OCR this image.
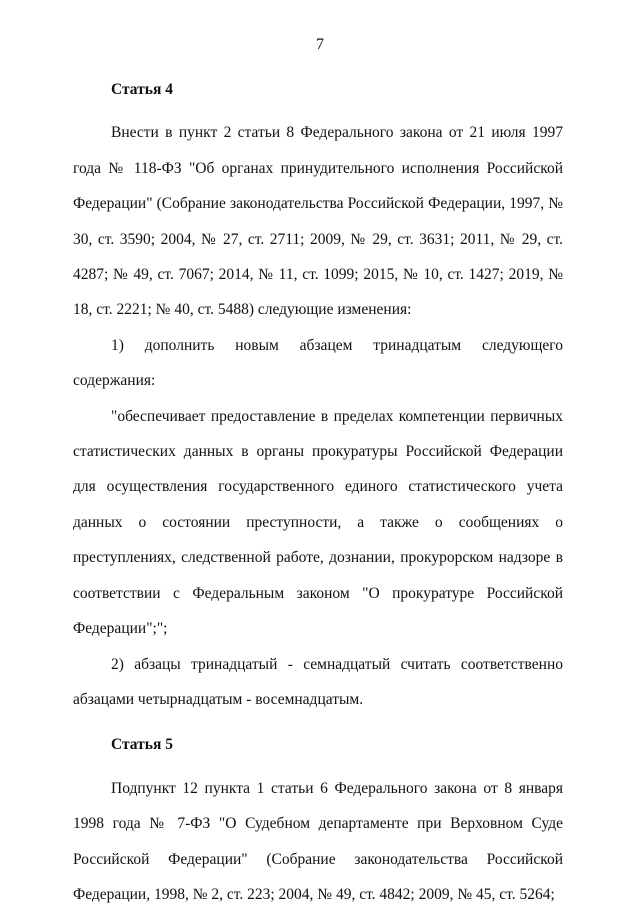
7

Статья 4

Внести в пункт 2 статьи 8 Федерального закона от 21 июля 1997 года № 118-ФЗ "Об органах принудительного исполнения Российской Федерации" (Собрание законодательства Российской Федерации, 1997, № 30, ст. 3590; 2004, № 27, ст. 2711; 2009, № 29, ст. 3631; 2011, № 29, ст. 4287; № 49, ст. 7067; 2014, № 11, ст. 1099; 2015, № 10, ст. 1427; 2019, № 18, ст. 2221; № 40, ст. 5488) следующие изменения:

1) дополнить новым абзацем тринадцатым следующего содержания:

"обеспечивает предоставление в пределах компетенции первичных статистических данных в органы прокуратуры Российской Федерации для осуществления государственного единого статистического учета данных о состоянии преступности, а также о сообщениях о преступлениях, следственной работе, дознании, прокурорском надзоре в соответствии с Федеральным законом "О прокуратуре Российской Федерации";";

2) абзацы тринадцатый - семнадцатый считать соответственно абзацами четырнадцатым - восемнадцатым.

Статья 5

Подпункт 12 пункта 1 статьи 6 Федерального закона от 8 января 1998 года № 7-ФЗ "О Судебном департаменте при Верховном Суде Российской Федерации" (Собрание законодательства Российской Федерации, 1998, № 2, ст. 223; 2004, № 49, ст. 4842; 2009, № 45, ст. 5264;
